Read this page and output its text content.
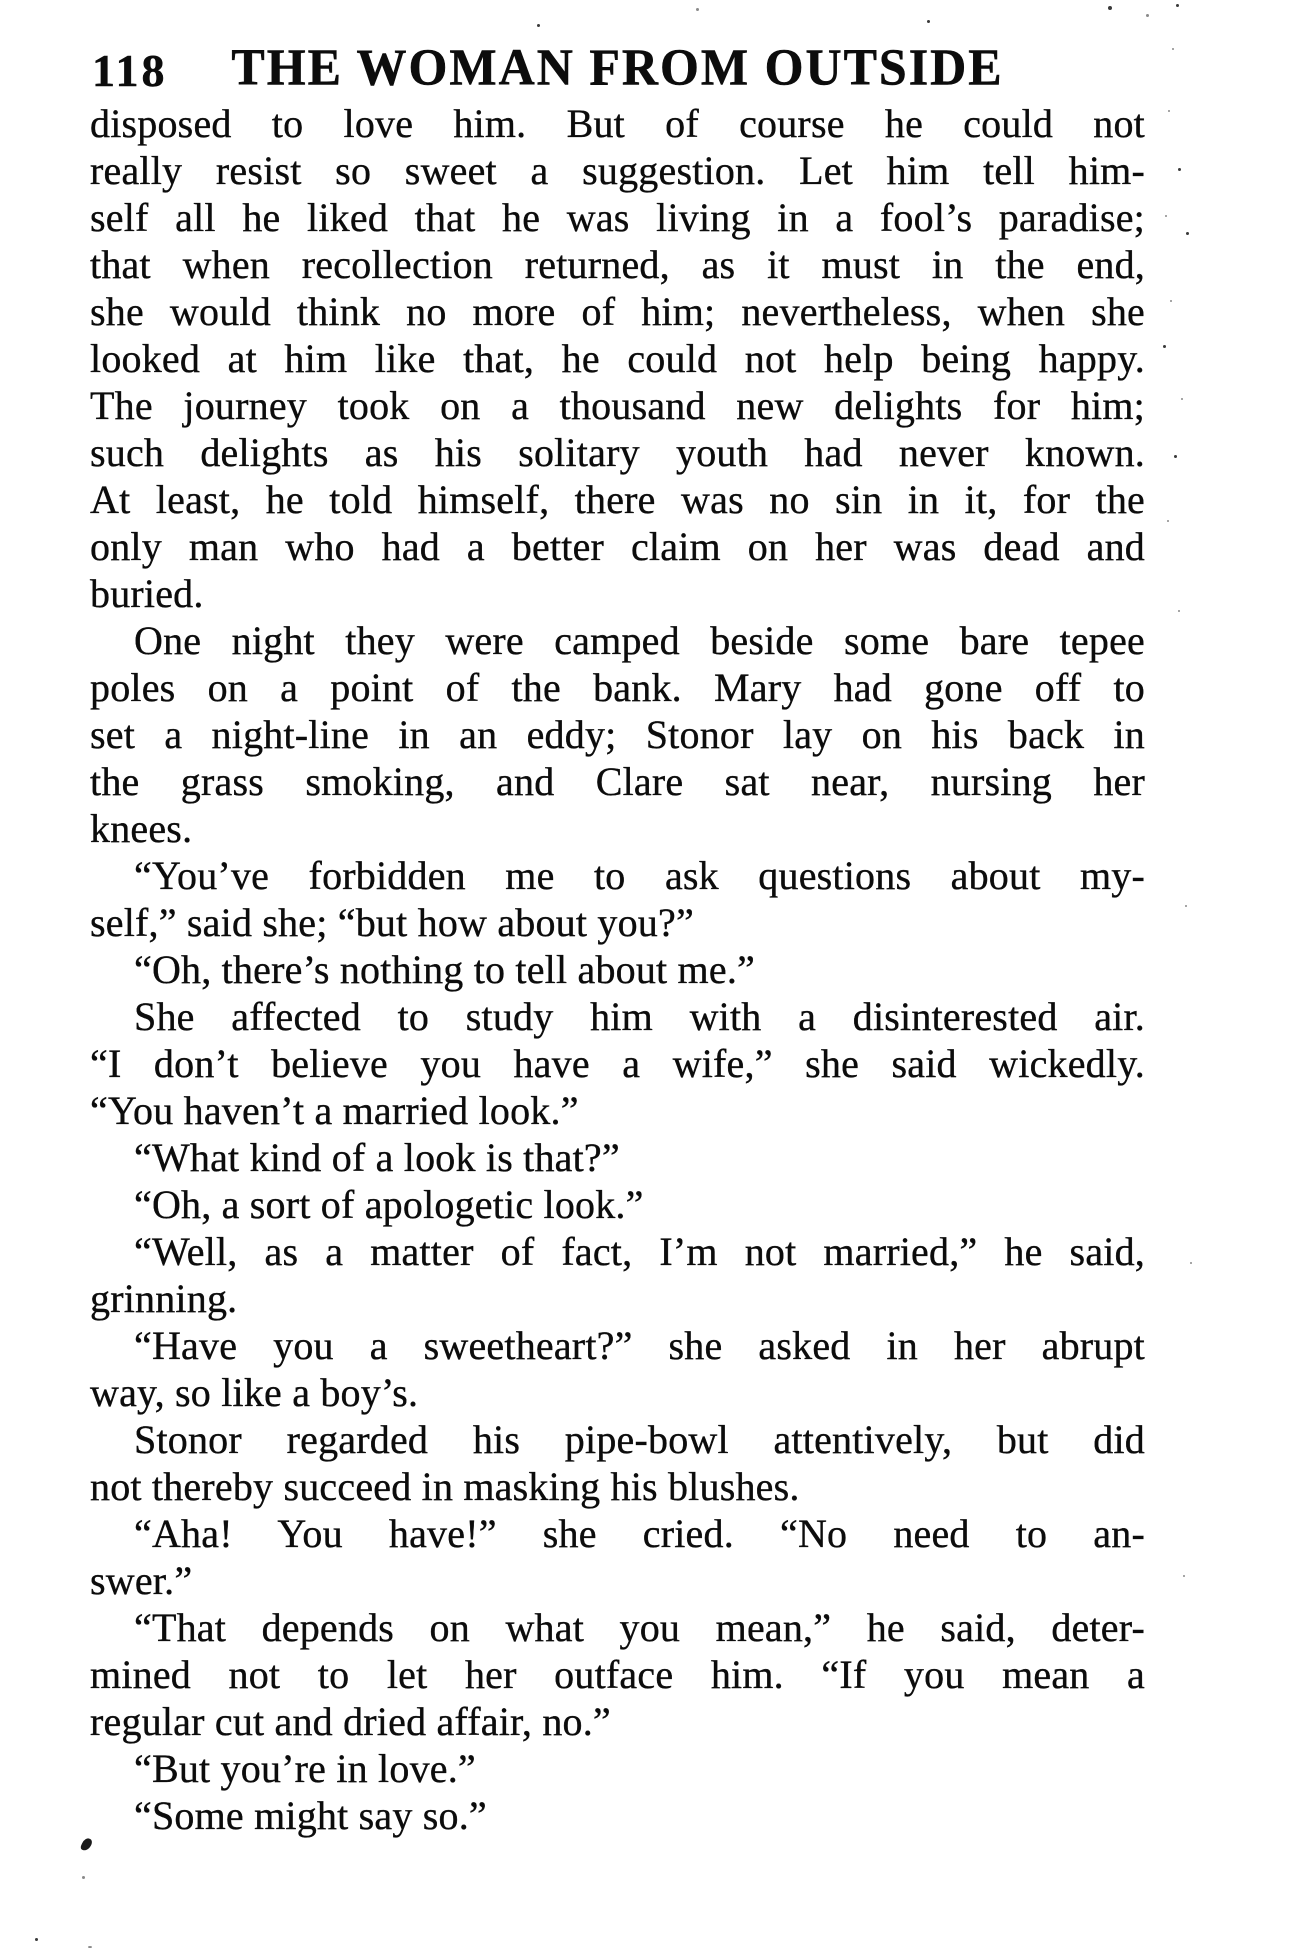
118	THE WOMAN FROM OUTSIDE
disposed to love him. But of course he could not
really resist so sweet a suggestion. Let him tell him-
self all he liked that he was living in a fool’s paradise;
that when recollection returned, as it must in the end,
she would think no more of him; nevertheless, when she
looked at him like that, he could not help being happy.
The journey took on a thousand new delights for him;
such delights as his solitary youth had never known.
At least, he told himself, there was no sin in it, for the
only man who had a better claim on her was dead and
buried.
One night they were camped beside some bare tepee
poles on a point of the bank. Mary had gone off to
set a night-line in an eddy; Stonor lay on his back in
the grass smoking, and Clare sat near, nursing her
knees.
“You’ve forbidden me to ask questions about my-
self,” said she; “but how about you?”
“Oh, there’s nothing to tell about me.”
She affected to study him with a disinterested air.
“I don’t believe you have a wife,” she said wickedly.
“You haven’t a married look.”
“What kind of a look is that?”
“Oh, a sort of apologetic look.”
“Well, as a matter of fact, I’m not married,” he said,
grinning.
“Have you a sweetheart?” she asked in her abrupt
way, so like a boy’s.
Stonor regarded his pipe-bowl attentively, but did
not thereby succeed in masking his blushes.
“Aha! You have!” she cried. “No need to an-
swer.”
“That depends on what you mean,” he said, deter-
mined not to let her outface him. “If you mean a
regular cut and dried affair, no.”
“But you’re in love.”
“Some might say so.”
